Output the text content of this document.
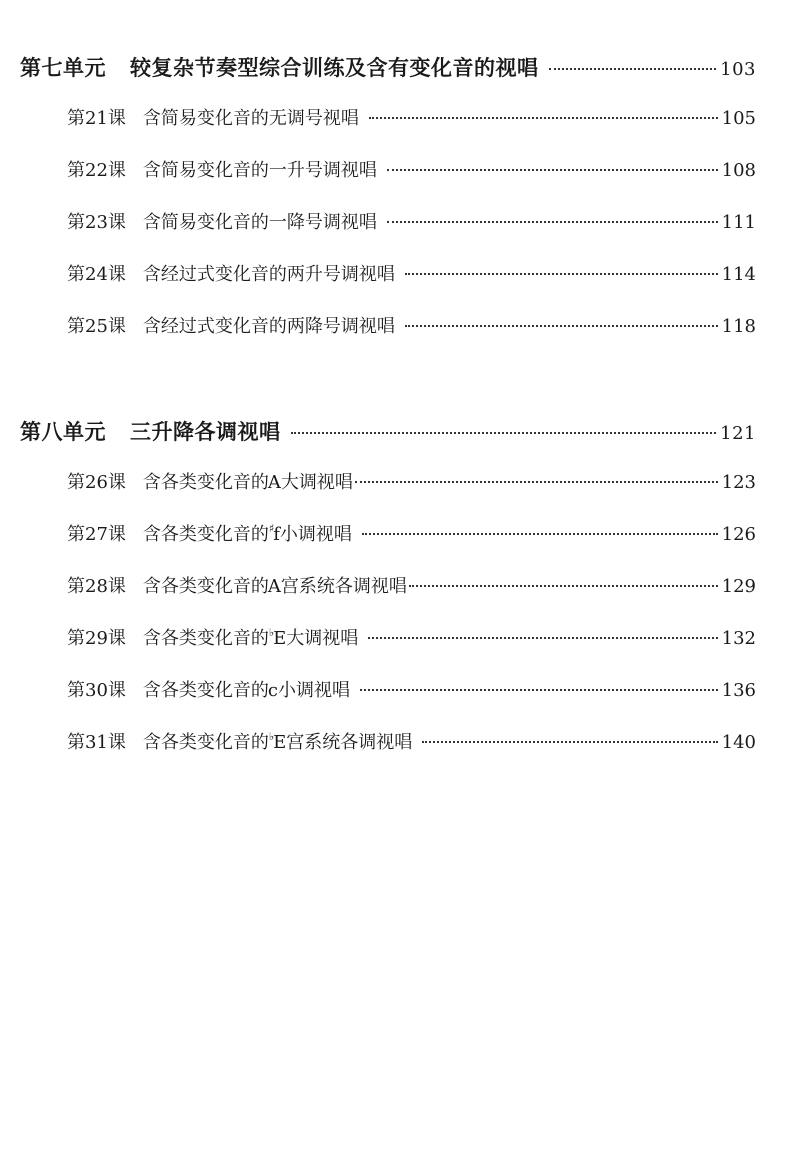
第七单元 较复杂节奏型综合训练及含有变化音的视唱	103
第21课 含简易变化音的无调号视唱	105
第22课 含简易变化音的一升号调视唱	108
第23课 含简易变化音的一降号调视唱	111
第24课 含经过式变化音的两升号调视唱	114
第25课 含经过式变化音的两降号调视唱	118
第八单元 三升降各调视唱	121
第26课 含各类变化音的A大调视唱	123
第27课 含各类变化音的♯f小调视唱	126
第28课 含各类变化音的A宫系统各调视唱	129
第29课 含各类变化音的♭E大调视唱	132
第30课 含各类变化音的c小调视唱	136
第31课 含各类变化音的♭E宫系统各调视唱	140
